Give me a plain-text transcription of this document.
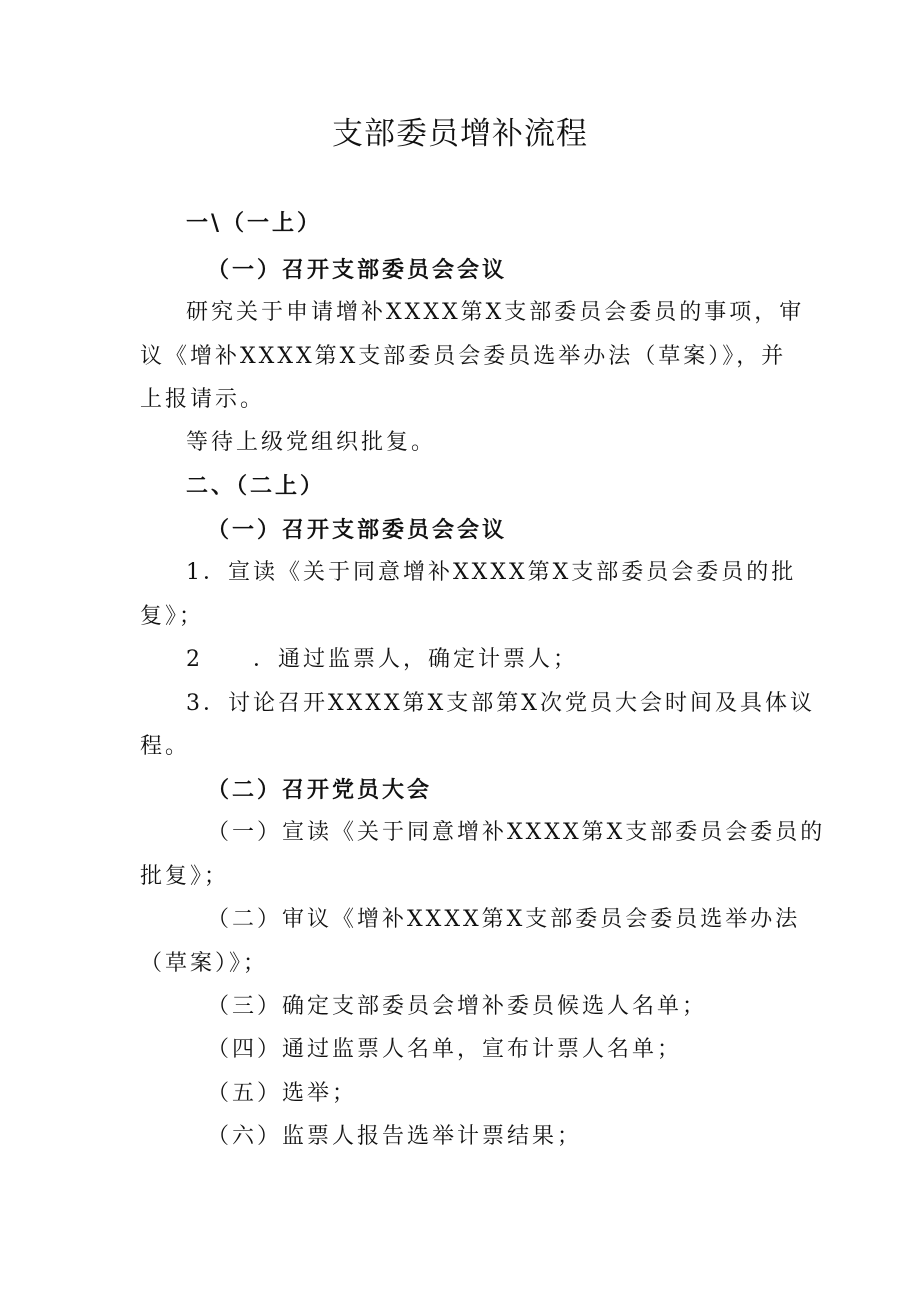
支部委员增补流程

一\（一上）

（一）召开支部委员会会议

研究关于申请增补XXXX第X支部委员会委员的事项，审

议《增补XXXX第X支部委员会委员选举办法（草案）》，并

上报请示。

等待上级党组织批复。

二、（二上）

（一）召开支部委员会会议

1．宣读《关于同意增补XXXX第X支部委员会委员的批

复》；

2　　．通过监票人，确定计票人；

3．讨论召开XXXX第X支部第X次党员大会时间及具体议

程。

（二）召开党员大会

（一）宣读《关于同意增补XXXX第X支部委员会委员的

批复》；

（二）审议《增补XXXX第X支部委员会委员选举办法

（草案）》；

（三）确定支部委员会增补委员候选人名单；

（四）通过监票人名单，宣布计票人名单；

（五）选举；

（六）监票人报告选举计票结果；
